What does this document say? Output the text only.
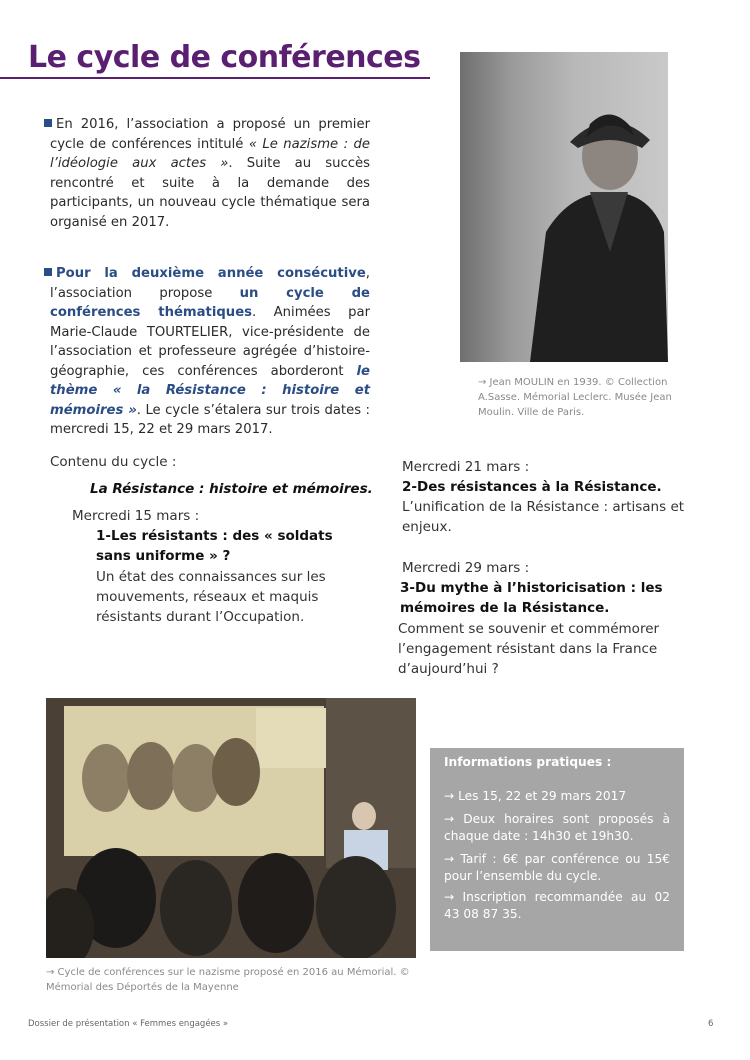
Le cycle de conférences
En 2016, l’association a proposé un premier cycle de conférences intitulé « Le nazisme : de l’idéologie aux actes ». Suite au succès rencontré et suite à la demande des participants, un nouveau cycle thématique sera organisé en 2017.
Pour la deuxième année consécutive, l’association propose un cycle de conférences thématiques. Animées par Marie-Claude TOURTELIER, vice-présidente de l’association et professeure agrégée d’histoire-géographie, ces conférences aborderont le thème « la Résistance : histoire et mémoires ». Le cycle s’étalera sur trois dates : mercredi 15, 22 et 29 mars 2017.
→ Jean MOULIN en 1939. © Collection A.Sasse. Mémorial Leclerc. Musée Jean Moulin. Ville de Paris.
Contenu du cycle :
La Résistance : histoire et mémoires.
Mercredi 15 mars :
1-Les résistants : des « soldats sans uniforme » ?
Un état des connaissances sur les mouvements, réseaux et maquis résistants durant l’Occupation.
Mercredi 21 mars :
2-Des résistances à la Résistance.
L’unification de la Résistance : artisans et enjeux.
Mercredi 29 mars :
3-Du mythe à l’historicisation : les mémoires de la Résistance.
Comment se souvenir et commémorer l’engagement résistant dans la France d’aujourd’hui ?
→ Cycle de conférences sur le nazisme proposé en 2016 au Mémorial. © Mémorial des Déportés de la Mayenne
Informations pratiques :
→ Les 15, 22 et 29 mars 2017
→ Deux horaires sont proposés à chaque date : 14h30 et 19h30.
→ Tarif : 6€ par conférence ou 15€ pour l’ensemble du cycle.
→ Inscription recommandée au 02 43 08 87 35.
Dossier de présentation « Femmes engagées »	6
